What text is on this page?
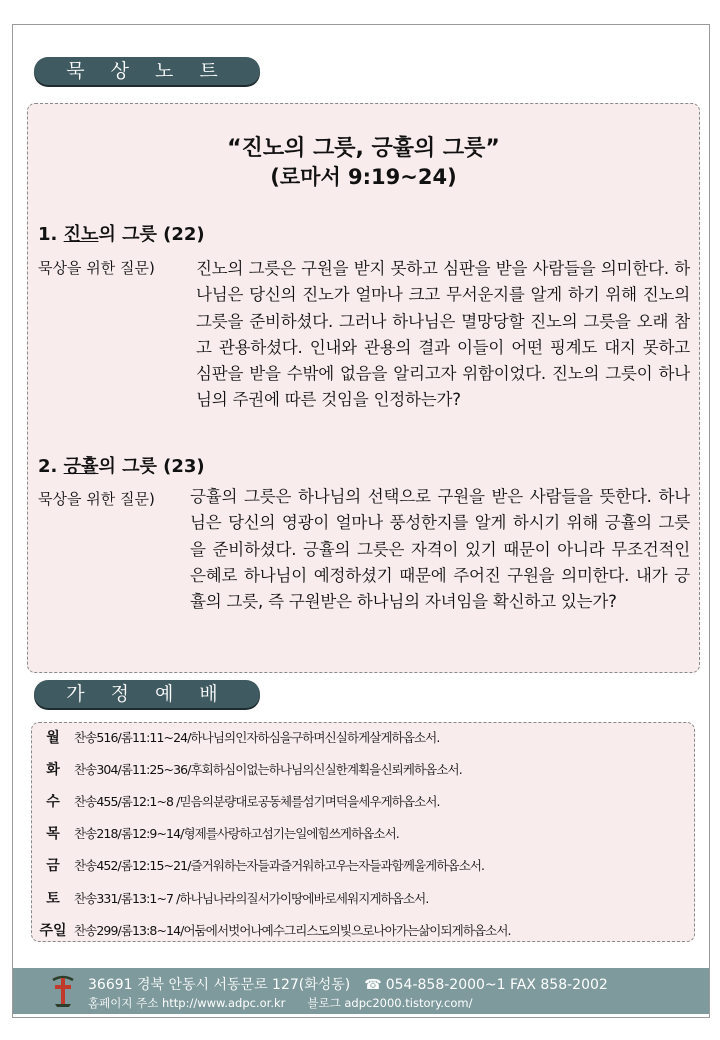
묵 상 노 트
“진노의 그릇, 긍휼의 그릇”
(로마서 9:19~24)
1. 진노의 그릇 (22)
묵상을 위한 질문) 진노의 그릇은 구원을 받지 못하고 심판을 받을 사람들을 의미한다. 하나님은 당신의 진노가 얼마나 크고 무서운지를 알게 하기 위해 진노의 그릇을 준비하셨다. 그러나 하나님은 멸망당할 진노의 그릇을 오래 참고 관용하셨다. 인내와 관용의 결과 이들이 어떤 핑계도 대지 못하고 심판을 받을 수밖에 없음을 알리고자 위함이었다. 진노의 그릇이 하나님의 주권에 따른 것임을 인정하는가?
2. 긍휼의 그릇 (23)
묵상을 위한 질문) 긍휼의 그릇은 하나님의 선택으로 구원을 받은 사람들을 뜻한다. 하나님은 당신의 영광이 얼마나 풍성한지를 알게 하시기 위해 긍휼의 그릇을 준비하셨다. 긍휼의 그릇은 자격이 있기 때문이 아니라 무조건적인 은혜로 하나님이 예정하셨기 때문에 주어진 구원을 의미한다. 내가 긍휼의 그릇, 즉 구원받은 하나님의 자녀임을 확신하고 있는가?
가 정 예 배
월	찬송516/롬11:11~24/하나님의인자하심을구하며신실하게살게하옵소서.
화	찬송304/롬11:25~36/후회하심이없는하나님의신실한계획을신뢰케하옵소서.
수	찬송455/롬12:1~8 /믿음의분량대로공동체를섬기며덕을세우게하옵소서.
목	찬송218/롬12:9~14/형제를사랑하고섬기는일에힘쓰게하옵소서.
금	찬송452/롬12:15~21/즐거워하는자들과즐거워하고우는자들과함께울게하옵소서.
토	찬송331/롬13:1~7 /하나님나라의질서가이땅에바로세워지게하옵소서.
주일 찬송299/롬13:8~14/어둠에서벗어나예수그리스도의빛으로나아가는삶이되게하옵소서.
36691 경북 안동시 서동문로 127(화성동) ☎ 054-858-2000~1 FAX 858-2002
홈페이지 주소 http://www.adpc.or.kr 블로그 adpc2000.tistory.com/
